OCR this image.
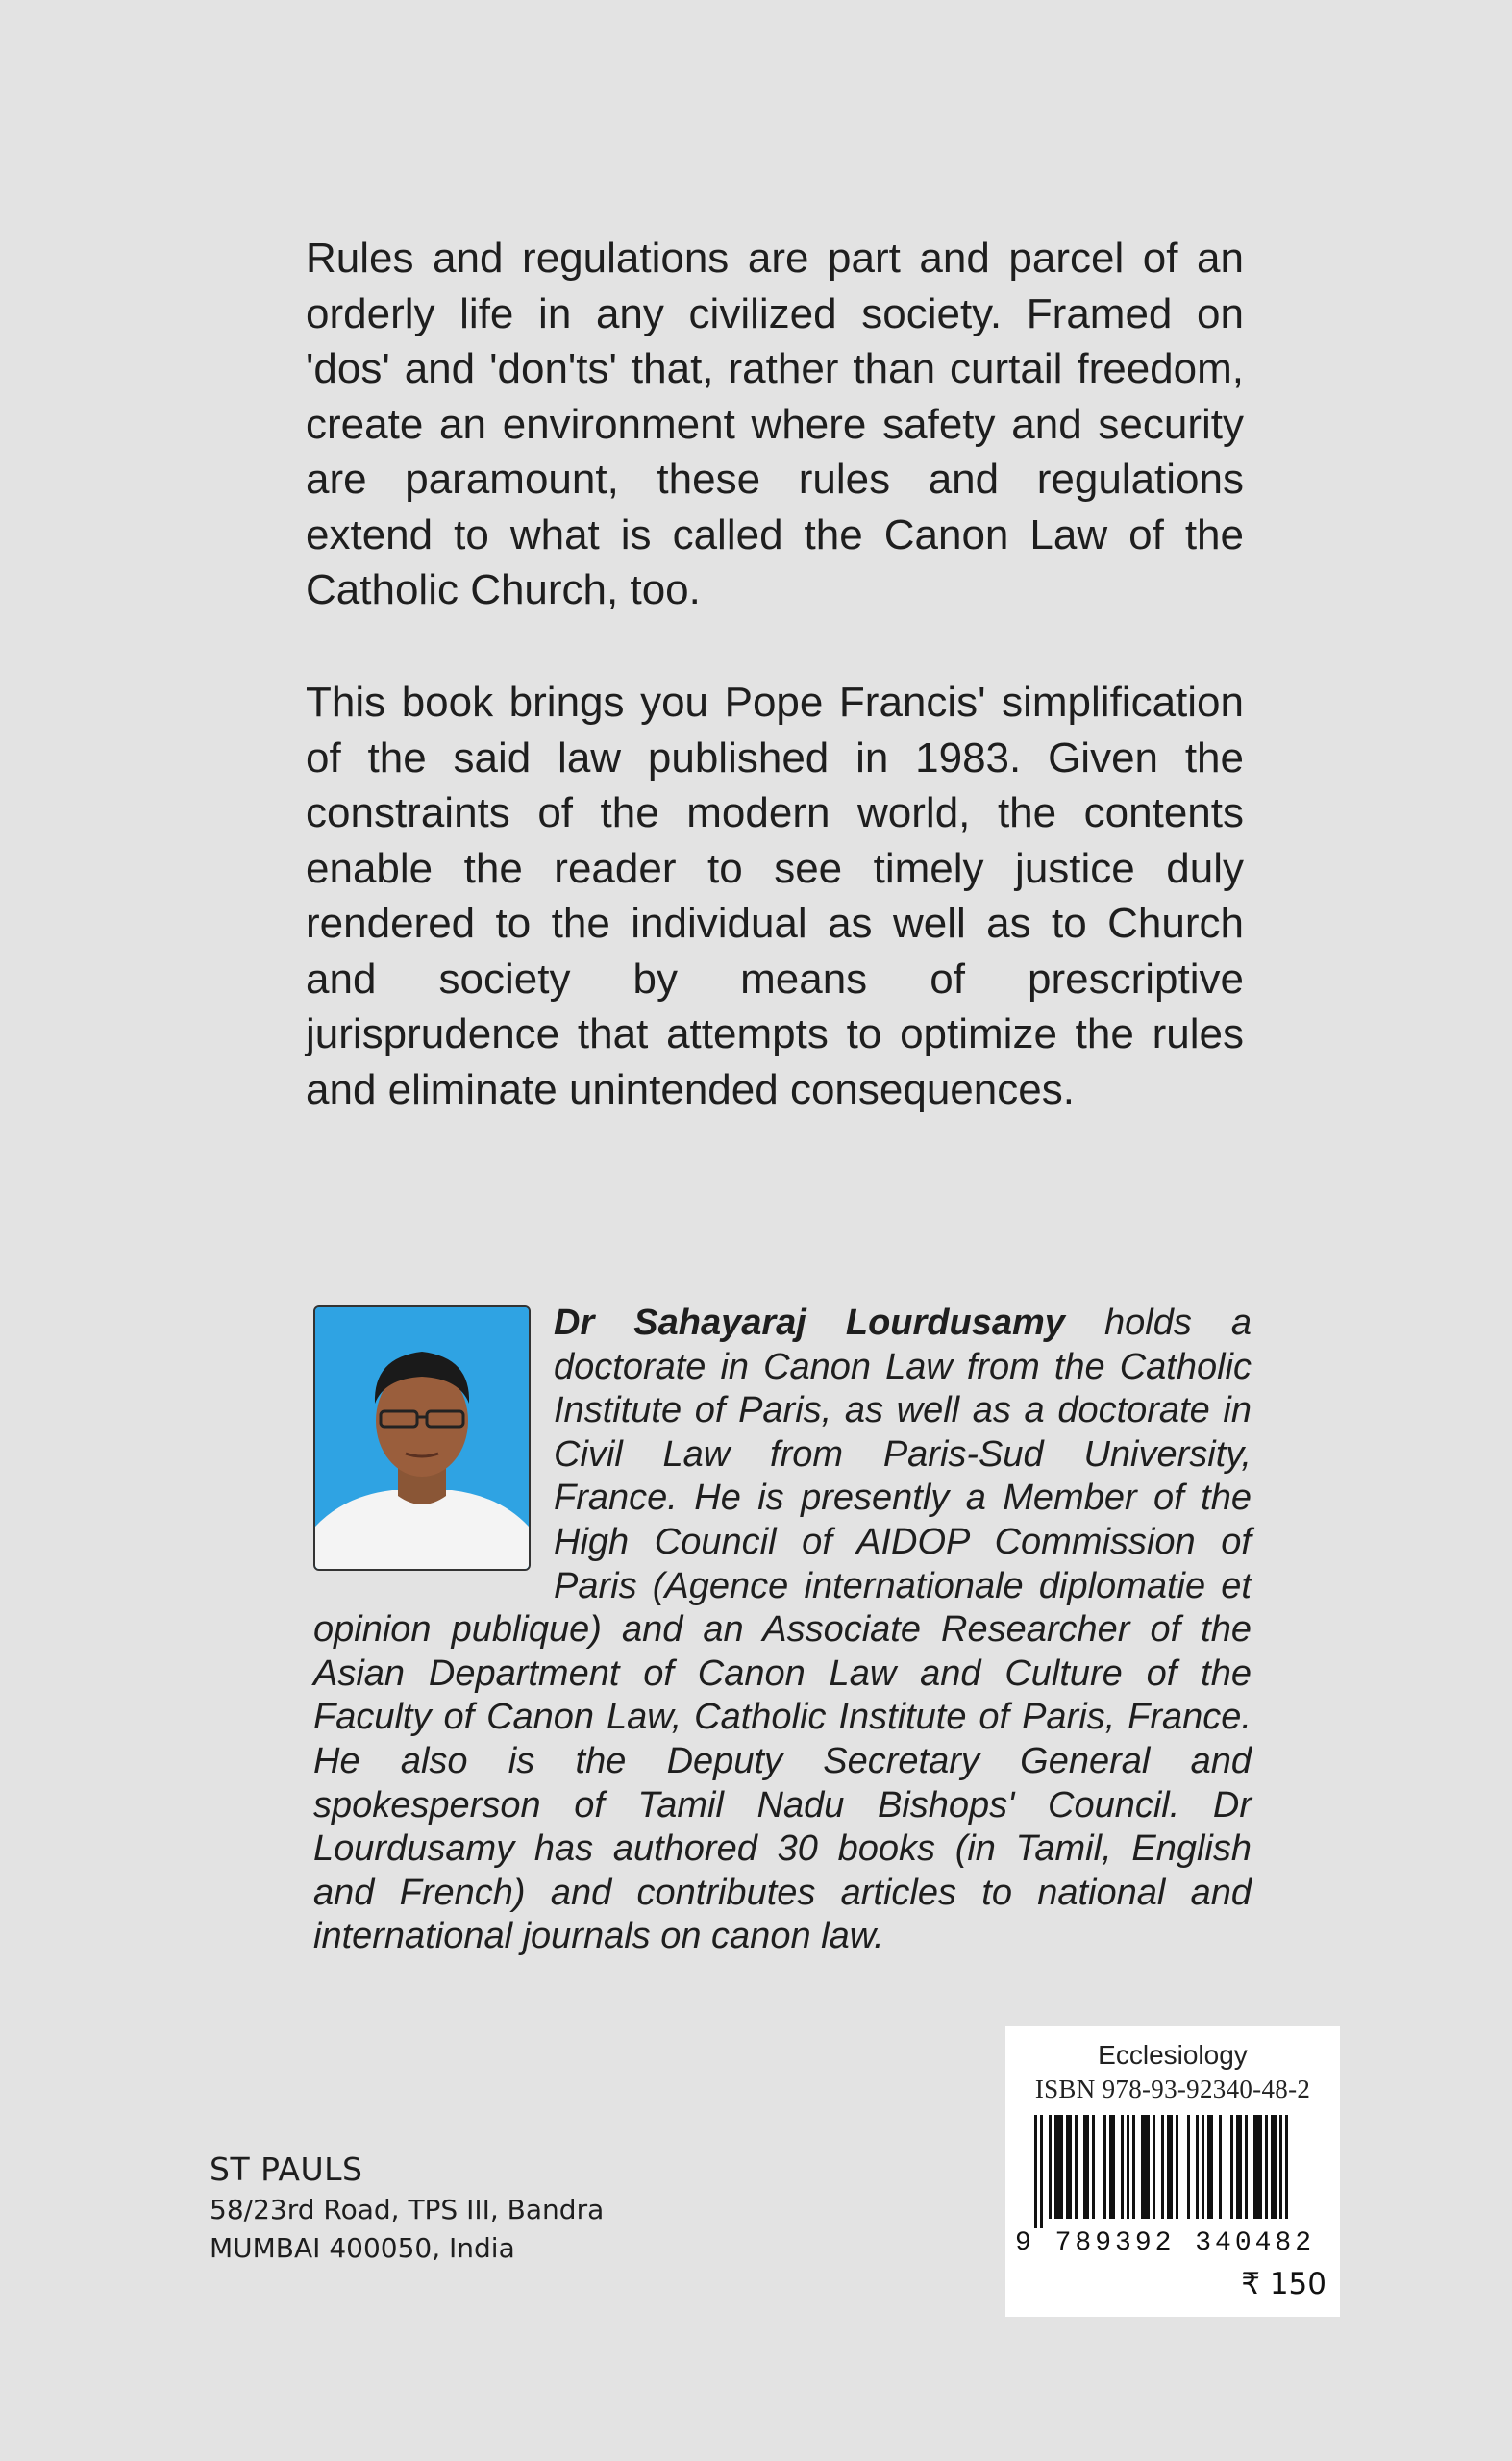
Rules and regulations are part and parcel of an orderly life in any civilized society. Framed on 'dos' and 'don'ts' that, rather than curtail freedom, create an environment where safety and security are paramount, these rules and regulations extend to what is called the Canon Law of the Catholic Church, too.

This book brings you Pope Francis' simplification of the said law published in 1983. Given the constraints of the modern world, the contents enable the reader to see timely justice duly rendered to the individual as well as to Church and society by means of prescriptive jurisprudence that attempts to optimize the rules and eliminate unintended consequences.

Dr Sahayaraj Lourdusamy holds a doctorate in Canon Law from the Catholic Institute of Paris, as well as a doctorate in Civil Law from Paris-Sud University, France. He is presently a Member of the High Council of AIDOP Commission of Paris (Agence internationale diplomatie et opinion publique) and an Associate Researcher of the Asian Department of Canon Law and Culture of the Faculty of Canon Law, Catholic Institute of Paris, France. He also is the Deputy Secretary General and spokesperson of Tamil Nadu Bishops' Council. Dr Lourdusamy has authored 30 books (in Tamil, English and French) and contributes articles to national and international journals on canon law.

ST PAULS
58/23rd Road, TPS III, Bandra
MUMBAI 400050, India
Ecclesiology
ISBN 978-93-92340-48-2
9 789392 340482
₹ 150
